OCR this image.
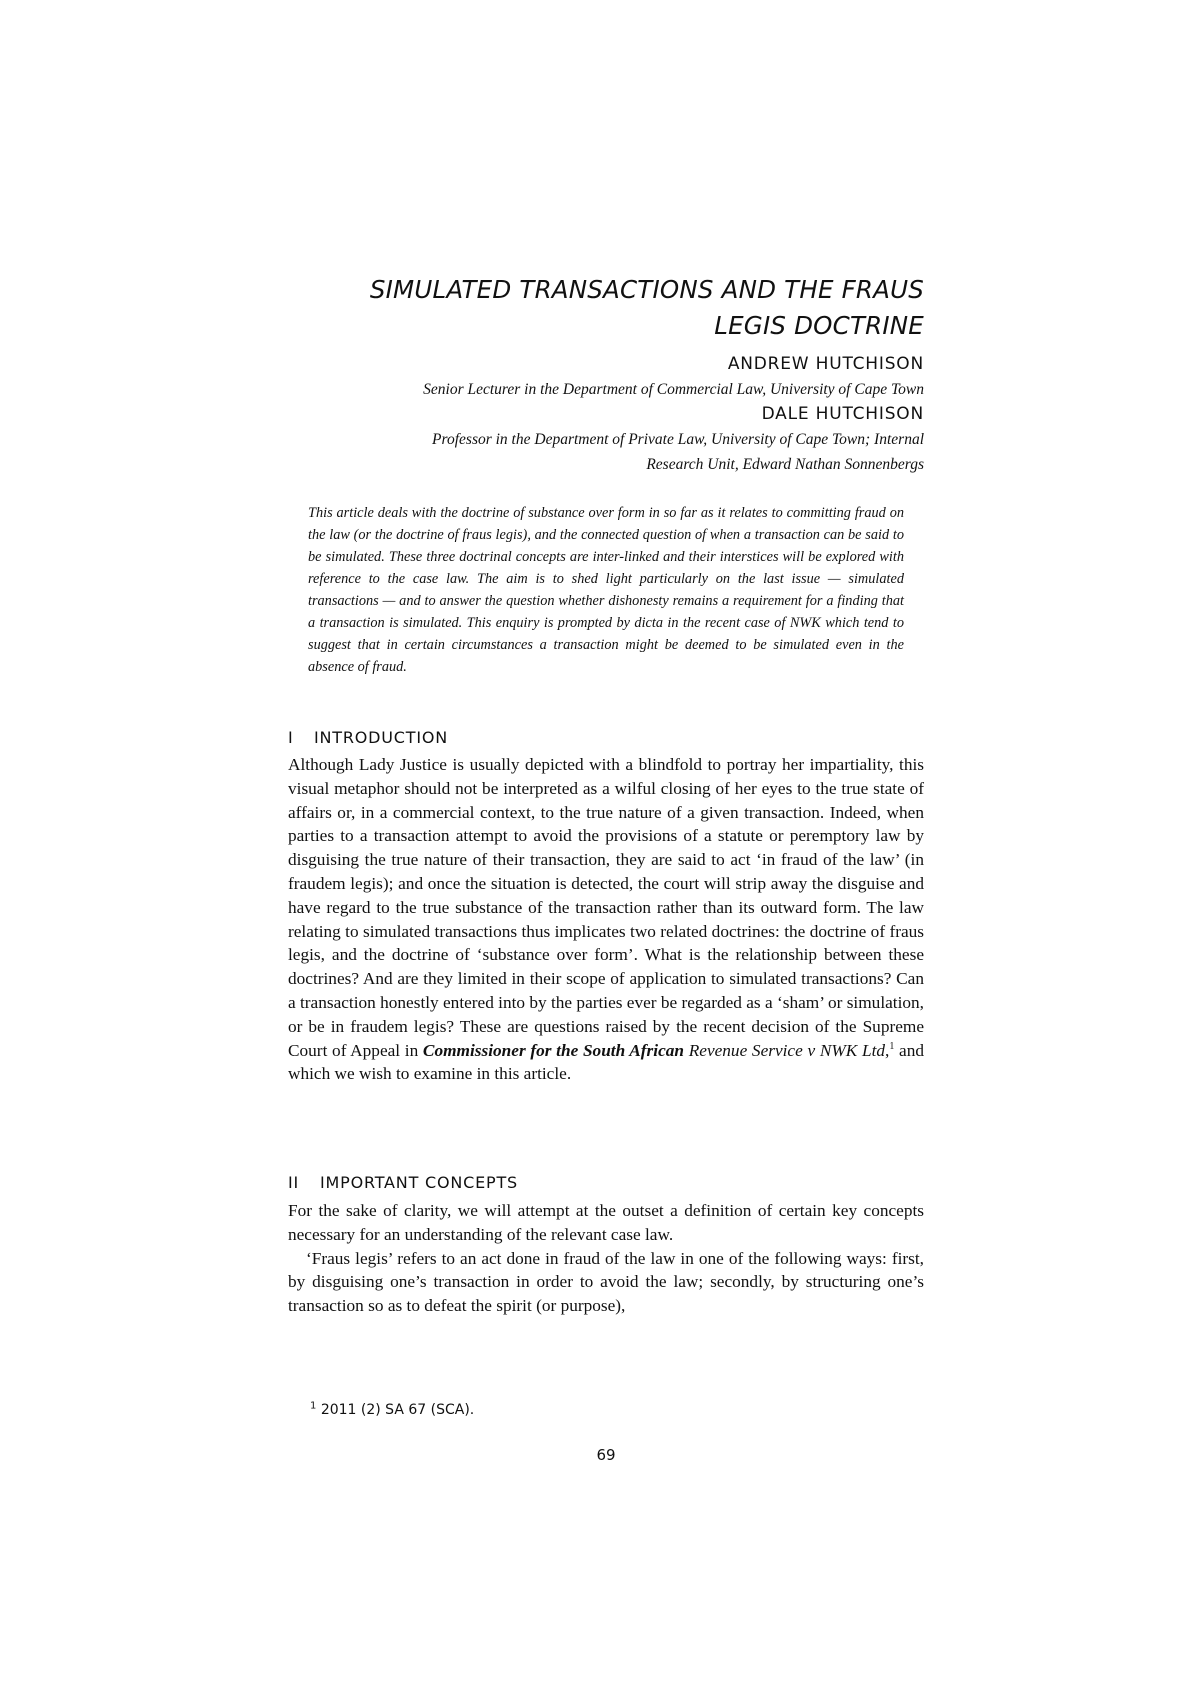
SIMULATED TRANSACTIONS AND THE FRAUS
LEGIS DOCTRINE
ANDREW HUTCHISON
Senior Lecturer in the Department of Commercial Law, University of Cape Town
DALE HUTCHISON
Professor in the Department of Private Law, University of Cape Town; Internal
Research Unit, Edward Nathan Sonnenbergs
This article deals with the doctrine of substance over form in so far as it relates to committing fraud on the law (or the doctrine of fraus legis), and the connected question of when a transaction can be said to be simulated. These three doctrinal concepts are inter-linked and their interstices will be explored with reference to the case law. The aim is to shed light particularly on the last issue — simulated transactions — and to answer the question whether dishonesty remains a requirement for a finding that a transaction is simulated. This enquiry is prompted by dicta in the recent case of NWK which tend to suggest that in certain circumstances a transaction might be deemed to be simulated even in the absence of fraud.
I INTRODUCTION

Although Lady Justice is usually depicted with a blindfold to portray her impartiality, this visual metaphor should not be interpreted as a wilful closing of her eyes to the true state of affairs or, in a commercial context, to the true nature of a given transaction. Indeed, when parties to a transaction attempt to avoid the provisions of a statute or peremptory law by disguising the true nature of their transaction, they are said to act ‘in fraud of the law’ (in fraudem legis); and once the situation is detected, the court will strip away the disguise and have regard to the true substance of the transaction rather than its outward form. The law relating to simulated transactions thus implicates two related doctrines: the doctrine of fraus legis, and the doctrine of ‘substance over form’. What is the relationship between these doctrines? And are they limited in their scope of application to simulated transactions? Can a transaction honestly entered into by the parties ever be regarded as a ‘sham’ or simulation, or be in fraudem legis? These are questions raised by the recent decision of the Supreme Court of Appeal in Commissioner for the South African Revenue Service v NWK Ltd,$^1$ and which we wish to examine in this article.

II IMPORTANT CONCEPTS

For the sake of clarity, we will attempt at the outset a definition of certain key concepts necessary for an understanding of the relevant case law.

‘Fraus legis’ refers to an act done in fraud of the law in one of the following ways: first, by disguising one’s transaction in order to avoid the law; secondly, by structuring one’s transaction so as to defeat the spirit (or purpose),

$^1$ 2011 (2) SA 67 (SCA).
69
